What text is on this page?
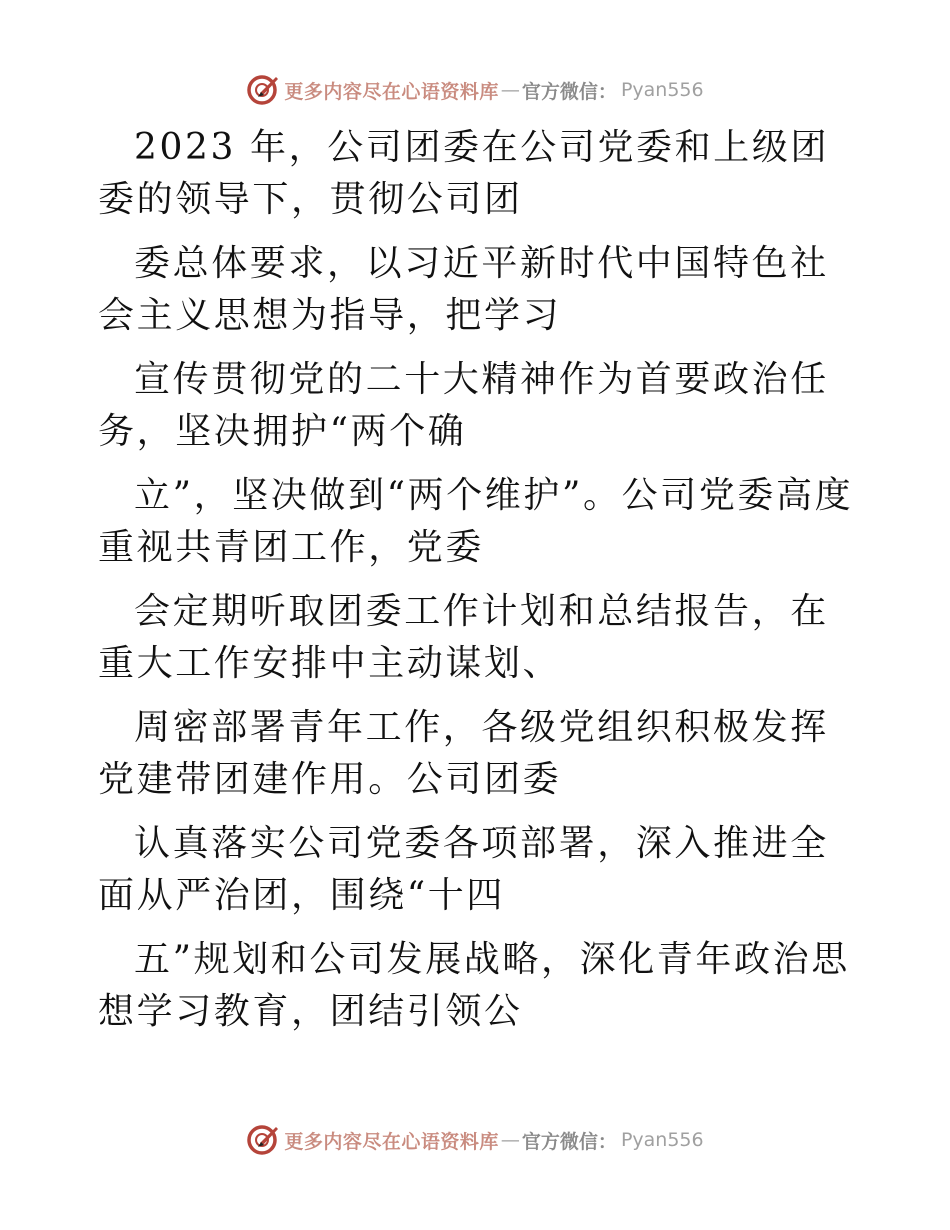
更多内容尽在心语资料库 — 官方微信： Pyan556

2023 年，公司团委在公司党委和上级团委的领导下，贯彻公司团

委总体要求，以习近平新时代中国特色社会主义思想为指导，把学习

宣传贯彻党的二十大精神作为首要政治任务，坚决拥护“两个确

立”，坚决做到“两个维护”。公司党委高度重视共青团工作，党委

会定期听取团委工作计划和总结报告，在重大工作安排中主动谋划、

周密部署青年工作，各级党组织积极发挥党建带团建作用。公司团委

认真落实公司党委各项部署，深入推进全面从严治团，围绕“十四

五”规划和公司发展战略，深化青年政治思想学习教育，团结引领公

更多内容尽在心语资料库 — 官方微信： Pyan556
